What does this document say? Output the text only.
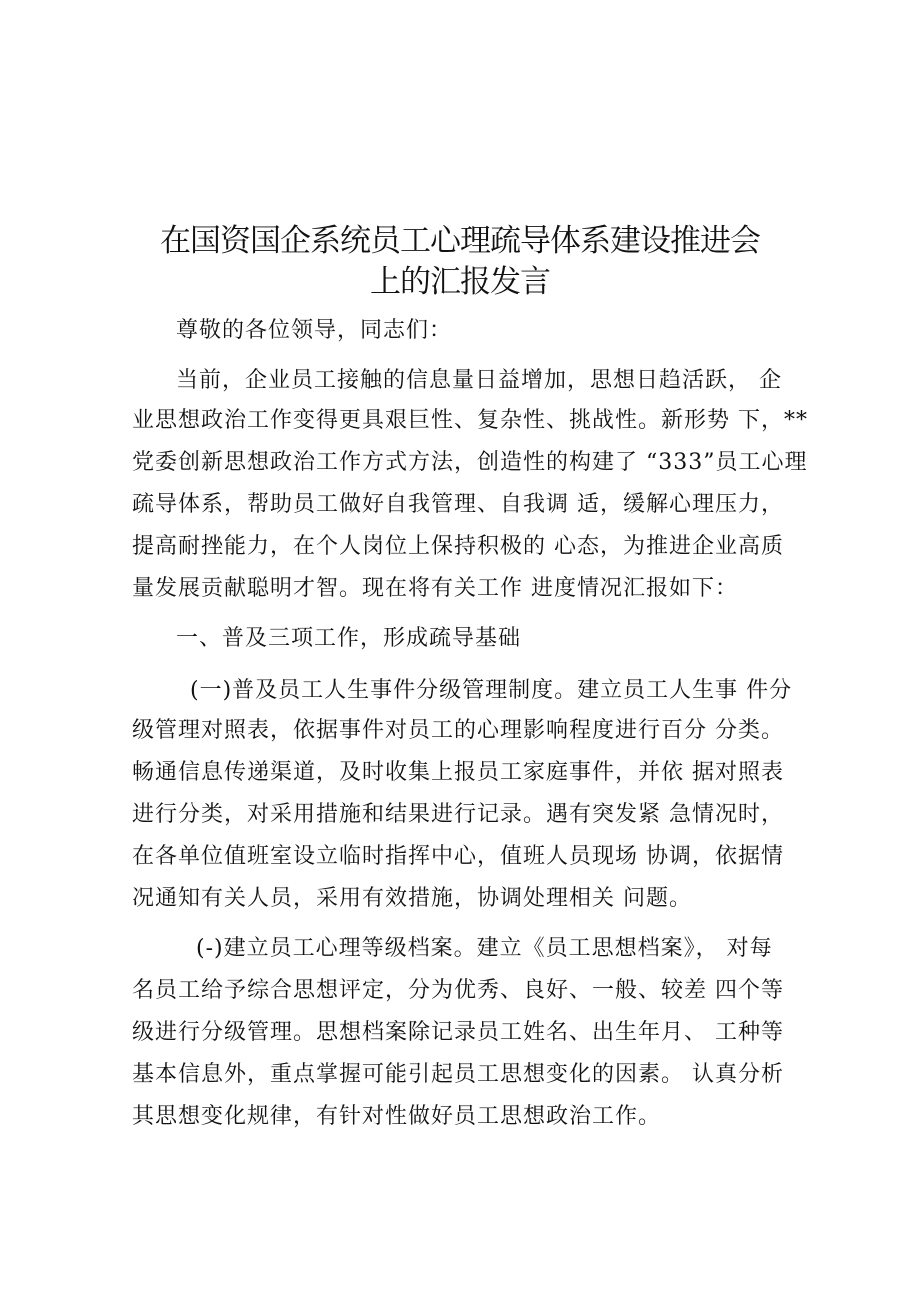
在国资国企系统员工心理疏导体系建设推进会
上的汇报发言
尊敬的各位领导，同志们：
当前，企业员工接触的信息量日益增加，思想日趋活跃， 企
业思想政治工作变得更具艰巨性、复杂性、挑战性。新形势 下，**
党委创新思想政治工作方式方法，创造性的构建了 “333”员工心理
疏导体系，帮助员工做好自我管理、自我调 适，缓解心理压力，
提高耐挫能力，在个人岗位上保持积极的 心态，为推进企业高质
量发展贡献聪明才智。现在将有关工作 进度情况汇报如下：
一、普及三项工作，形成疏导基础
(一)普及员工人生事件分级管理制度。建立员工人生事 件分
级管理对照表，依据事件对员工的心理影响程度进行百分 分类。
畅通信息传递渠道，及时收集上报员工家庭事件，并依 据对照表
进行分类，对采用措施和结果进行记录。遇有突发紧 急情况时，
在各单位值班室设立临时指挥中心，值班人员现场 协调，依据情
况通知有关人员，采用有效措施，协调处理相关 问题。
(-)建立员工心理等级档案。建立《员工思想档案》， 对每
名员工给予综合思想评定，分为优秀、良好、一般、较差 四个等
级进行分级管理。思想档案除记录员工姓名、出生年月、 工种等
基本信息外，重点掌握可能引起员工思想变化的因素。 认真分析
其思想变化规律，有针对性做好员工思想政治工作。
